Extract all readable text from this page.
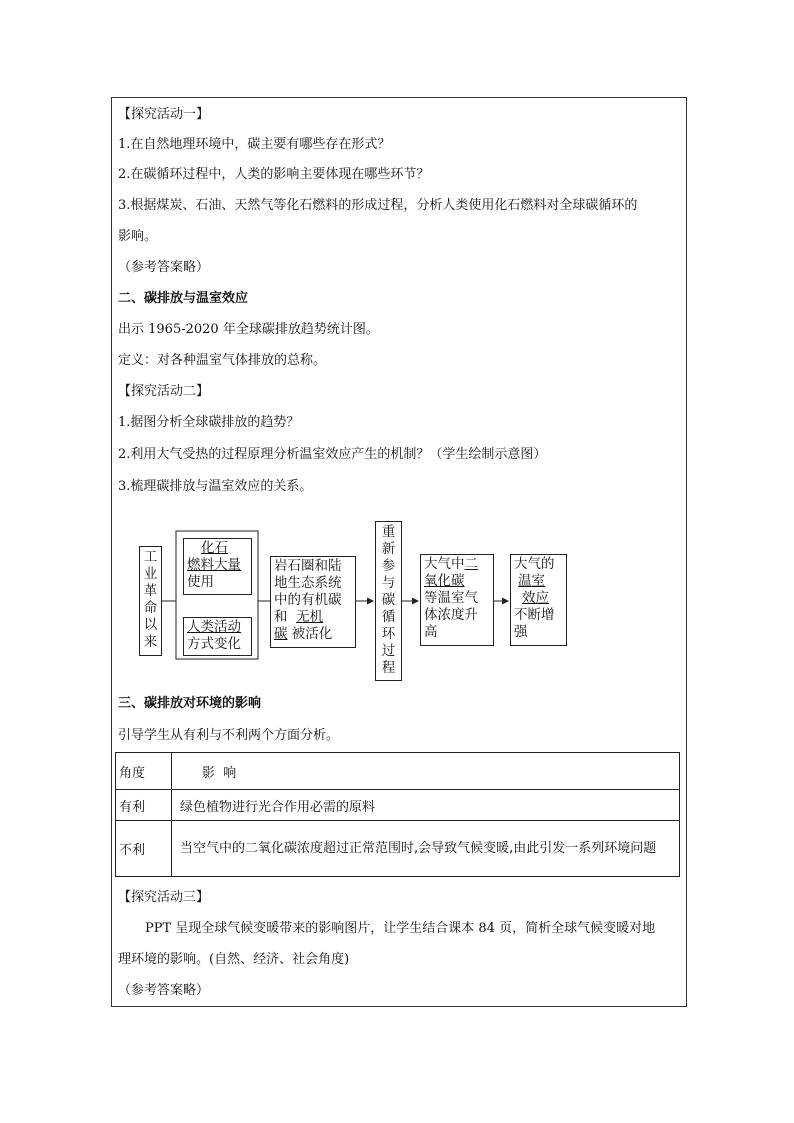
【探究活动一】
1.在自然地理环境中，碳主要有哪些存在形式？
2.在碳循环过程中，人类的影响主要体现在哪些环节？
3.根据煤炭、石油、天然气等化石燃料的形成过程，分析人类使用化石燃料对全球碳循环的
影响。
（参考答案略）
二、碳排放与温室效应
出示 1965-2020 年全球碳排放趋势统计图。
定义：对各种温室气体排放的总称。
【探究活动二】
1.据图分析全球碳排放的趋势？
2.利用大气受热的过程原理分析温室效应产生的机制？（学生绘制示意图）
3.梳理碳排放与温室效应的关系。
工
业
革
命
以
来
化石
燃料大量
使用
人类活动
方式变化
岩石圈和陆
地生态系统
中的有机碳
和 无机
碳 被活化
重
新
参
与
碳
循
环
过
程
大气中二
氧化碳
等温室气
体浓度升
高
大气的
温室
效应
不断增
强
三、碳排放对环境的影响
引导学生从有利与不利两个方面分析。
角度	影  响
有利	绿色植物进行光合作用必需的原料
不利	当空气中的二氧化碳浓度超过正常范围时,会导致气候变暖,由此引发一系列环境问题
【探究活动三】
PPT 呈现全球气候变暖带来的影响图片，让学生结合课本 84 页，简析全球气候变暖对地
理环境的影响。(自然、经济、社会角度)
（参考答案略）
